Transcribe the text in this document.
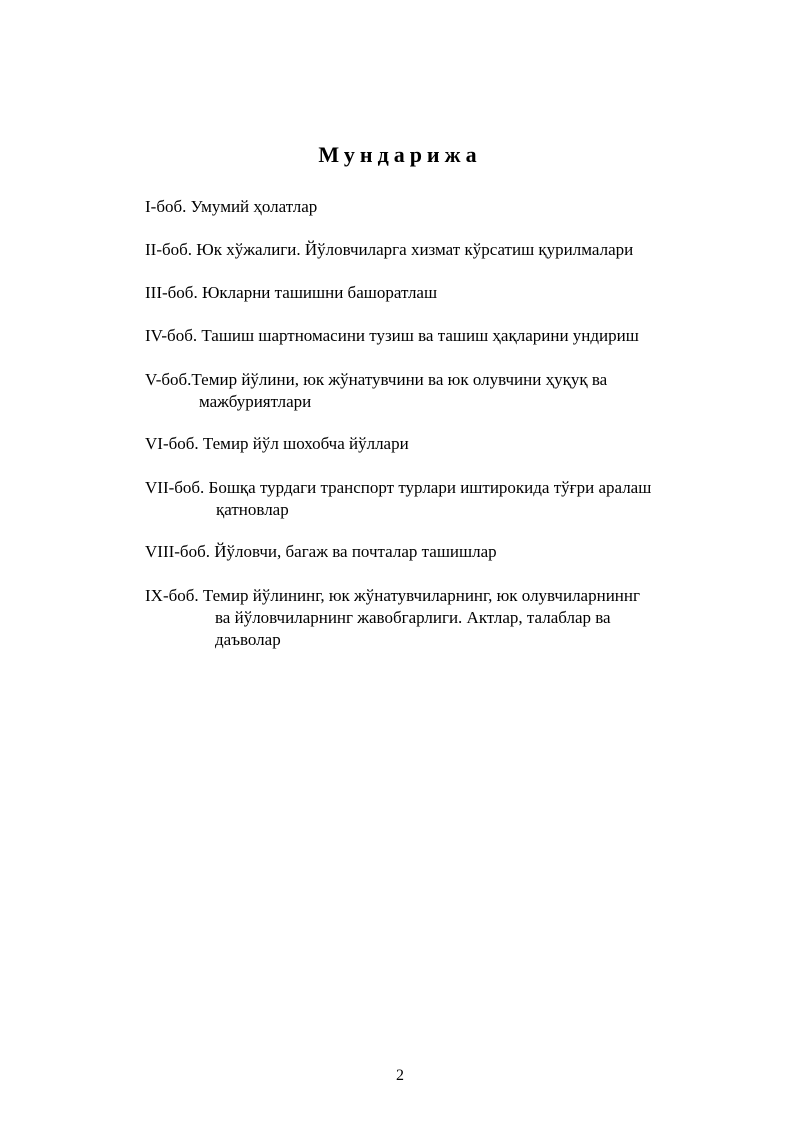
Мундарижа
I-боб. Умумий ҳолатлар
II-боб. Юк хўжалиги. Йўловчиларга хизмат кўрсатиш қурилмалари
III-боб. Юкларни ташишни башоратлаш
IV-боб. Ташиш шартномасини тузиш ва ташиш ҳақларини ундириш
V-боб.Темир йўлини, юк жўнатувчини ва юк олувчини ҳуқуқ ва
мажбуриятлари
VI-боб. Темир йўл шохобча йўллари
VII-боб. Бошқа турдаги транспорт турлари иштирокида тўғри аралаш
қатновлар
VIII-боб. Йўловчи, багаж ва почталар ташишлар
IX-боб. Темир йўлининг, юк жўнатувчиларнинг, юк олувчиларниннг
ва йўловчиларнинг жавобгарлиги. Актлар, талаблар ва
даъволар
2
